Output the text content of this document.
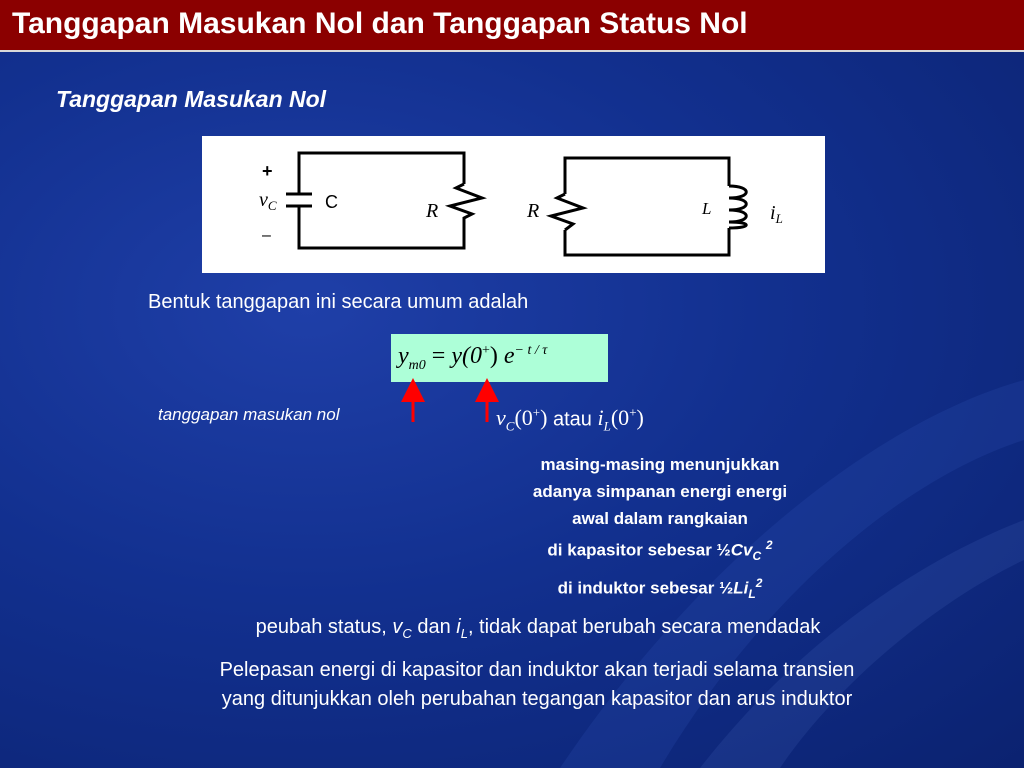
Tanggapan Masukan Nol dan Tanggapan Status Nol
Tanggapan Masukan Nol
+
$v_C$
–
C	R	R	L	$i_L$
Bentuk tanggapan ini secara umum adalah
$y_{m0} = y(0^+)$ $e^{- t / \tau}$
tanggapan masukan nol	$v_C(0^+)$ atau $i_L(0^+)$
masing-masing menunjukkan
adanya simpanan energi energi
awal dalam rangkaian
di kapasitor sebesar $\frac{1}{2}Cv_C$ $^2$
di induktor sebesar $\frac{1}{2}Li_L^2$
peubah status, $v_C$ dan $i_L$, tidak dapat berubah secara mendadak
Pelepasan energi di kapasitor dan induktor akan terjadi selama transien
yang ditunjukkan oleh perubahan tegangan kapasitor dan arus induktor
